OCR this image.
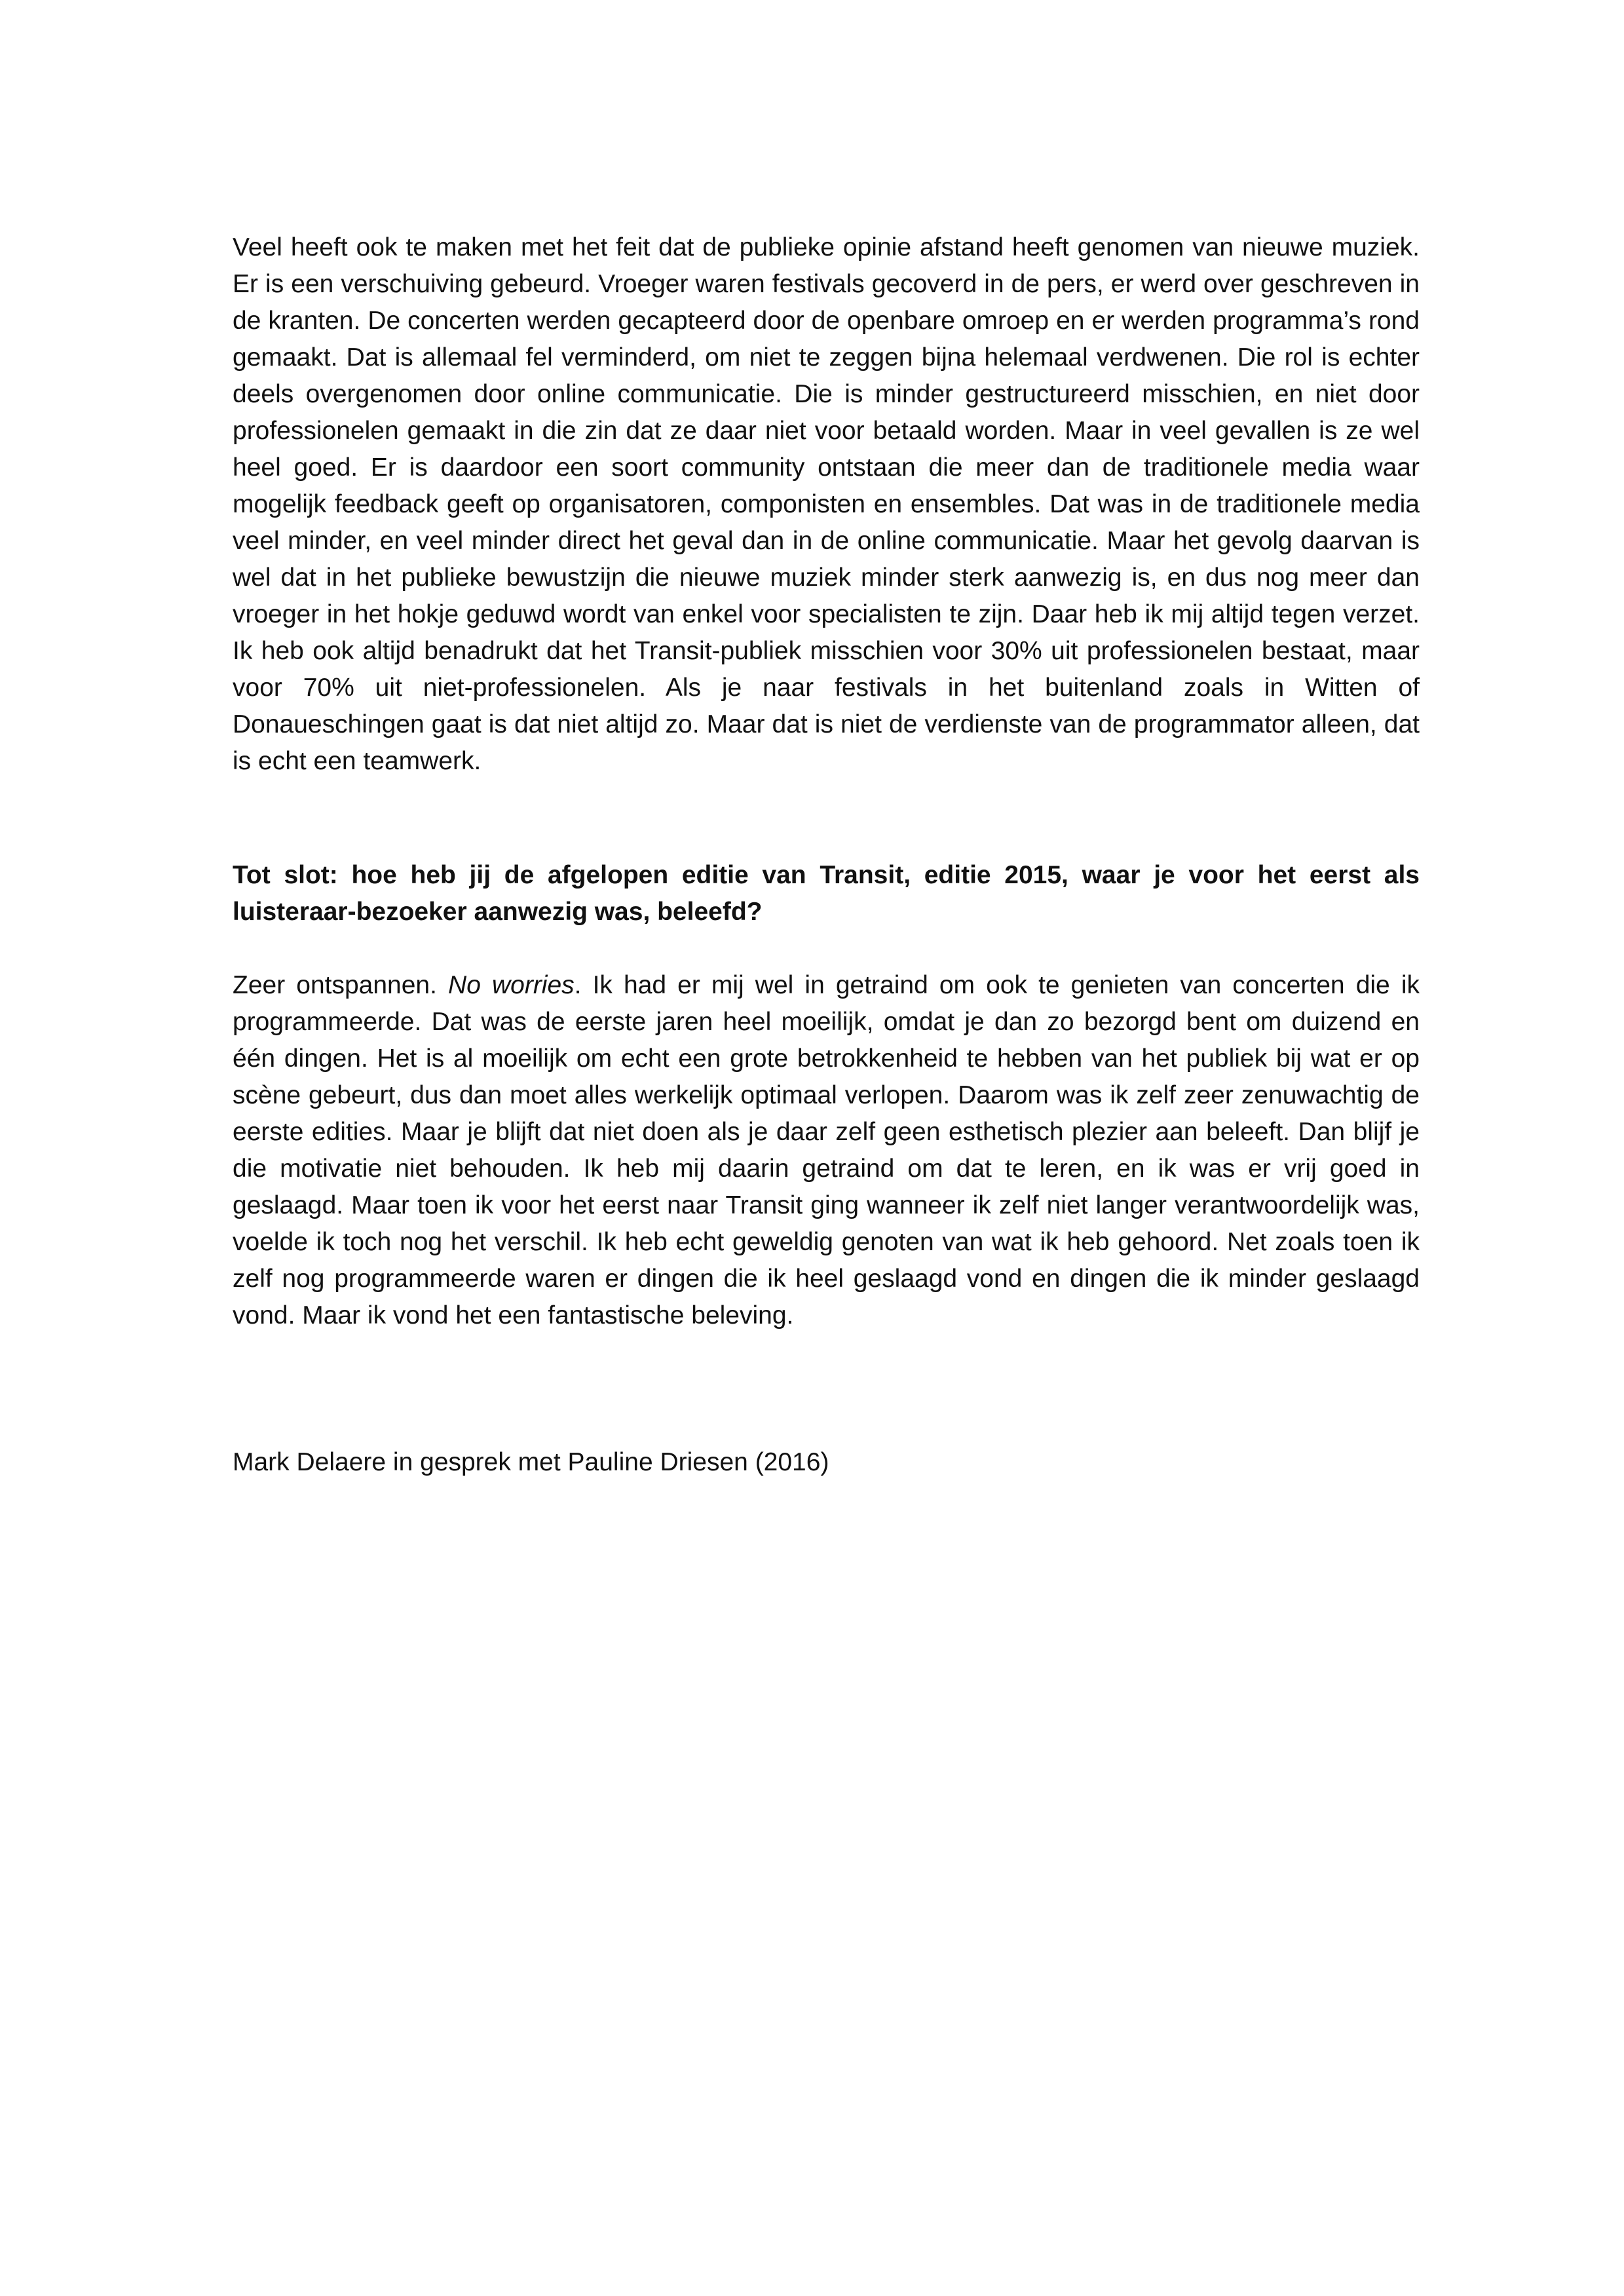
Veel heeft ook te maken met het feit dat de publieke opinie afstand heeft genomen van nieuwe muziek. Er is een verschuiving gebeurd. Vroeger waren festivals gecoverd in de pers, er werd over geschreven in de kranten. De concerten werden gecapteerd door de openbare omroep en er werden programma’s rond gemaakt. Dat is allemaal fel verminderd, om niet te zeggen bijna helemaal verdwenen. Die rol is echter deels overgenomen door online communicatie. Die is minder gestructureerd misschien, en niet door professionelen gemaakt in die zin dat ze daar niet voor betaald worden. Maar in veel gevallen is ze wel heel goed. Er is daardoor een soort community ontstaan die meer dan de traditionele media waar mogelijk feedback geeft op organisatoren, componisten en ensembles. Dat was in de traditionele media veel minder, en veel minder direct het geval dan in de online communicatie. Maar het gevolg daarvan is wel dat in het publieke bewustzijn die nieuwe muziek minder sterk aanwezig is, en dus nog meer dan vroeger in het hokje geduwd wordt van enkel voor specialisten te zijn. Daar heb ik mij altijd tegen verzet. Ik heb ook altijd benadrukt dat het Transit-publiek misschien voor 30% uit professionelen bestaat, maar voor 70% uit niet-professionelen. Als je naar festivals in het buitenland zoals in Witten of Donaueschingen gaat is dat niet altijd zo. Maar dat is niet de verdienste van de programmator alleen, dat is echt een teamwerk.

Tot slot: hoe heb jij de afgelopen editie van Transit, editie 2015, waar je voor het eerst als luisteraar-bezoeker aanwezig was, beleefd?

Zeer ontspannen. No worries. Ik had er mij wel in getraind om ook te genieten van concerten die ik programmeerde. Dat was de eerste jaren heel moeilijk, omdat je dan zo bezorgd bent om duizend en één dingen. Het is al moeilijk om echt een grote betrokkenheid te hebben van het publiek bij wat er op scène gebeurt, dus dan moet alles werkelijk optimaal verlopen. Daarom was ik zelf zeer zenuwachtig de eerste edities. Maar je blijft dat niet doen als je daar zelf geen esthetisch plezier aan beleeft. Dan blijf je die motivatie niet behouden. Ik heb mij daarin getraind om dat te leren, en ik was er vrij goed in geslaagd. Maar toen ik voor het eerst naar Transit ging wanneer ik zelf niet langer verantwoordelijk was, voelde ik toch nog het verschil. Ik heb echt geweldig genoten van wat ik heb gehoord. Net zoals toen ik zelf nog programmeerde waren er dingen die ik heel geslaagd vond en dingen die ik minder geslaagd vond. Maar ik vond het een fantastische beleving.

Mark Delaere in gesprek met Pauline Driesen (2016)
